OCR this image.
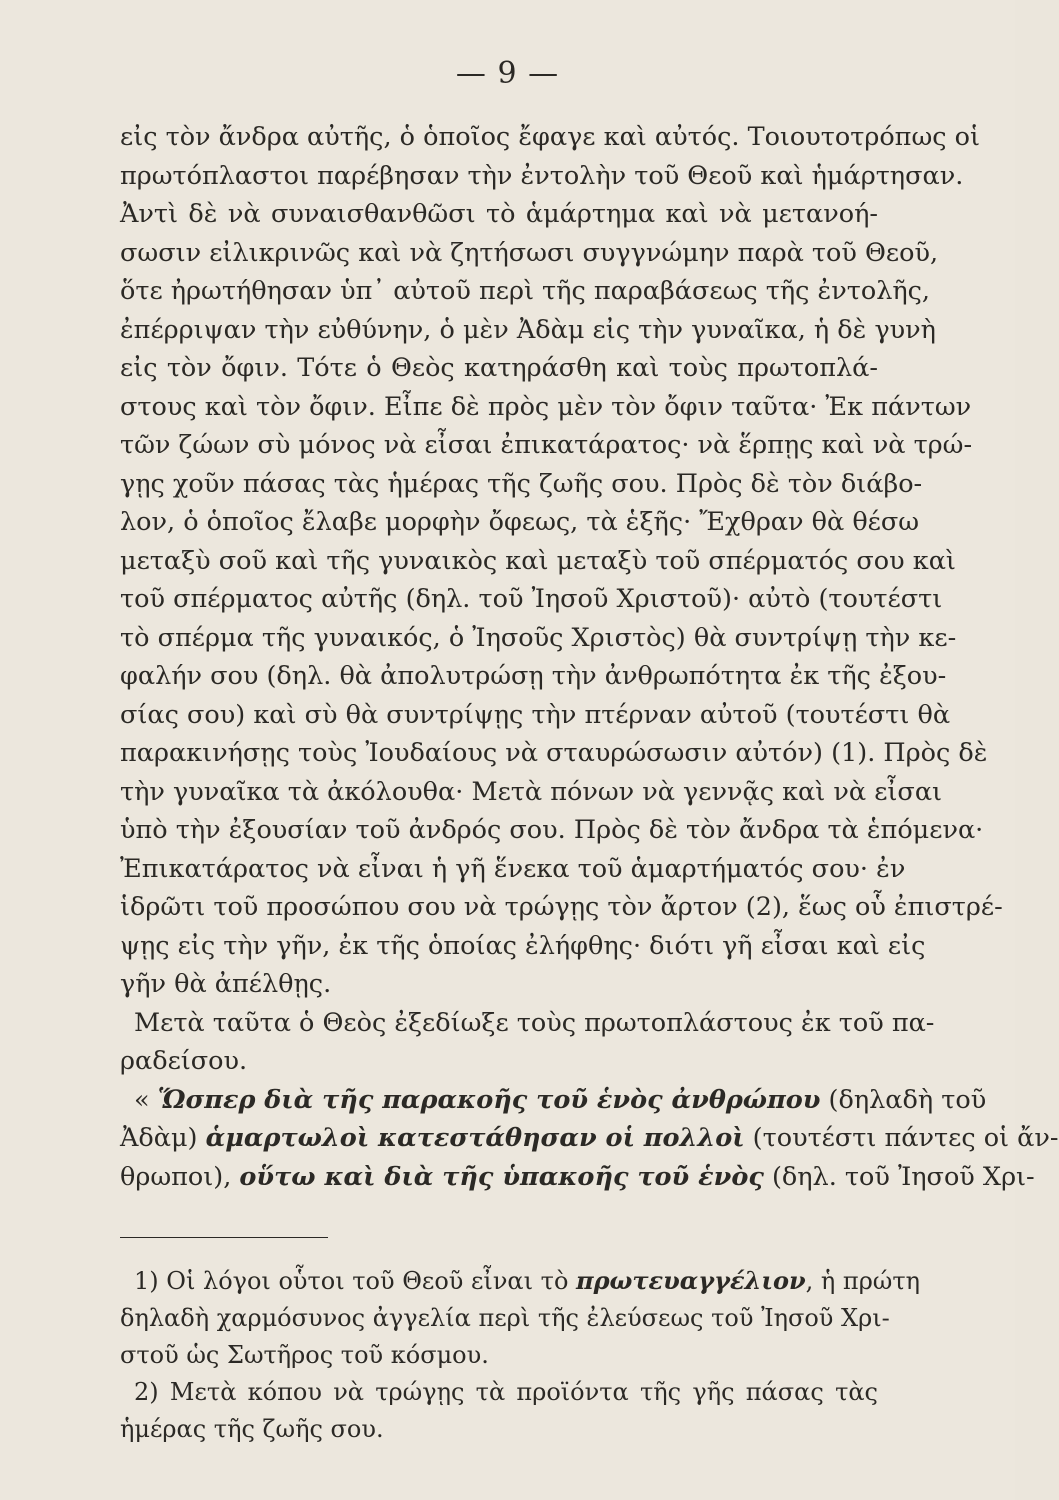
— 9 —
εἰς τὸν ἄνδρα αὐτῆς, ὁ ὁποῖος ἔφαγε καὶ αὐτός. Τοιουτοτρόπως οἱ
πρωτόπλαστοι παρέβησαν τὴν ἐντολὴν τοῦ Θεοῦ καὶ ἡμάρτησαν.
Ἀντὶ δὲ νὰ συναισθανθῶσι τὸ ἁμάρτημα καὶ νὰ μετανοή-
σωσιν εἰλικρινῶς καὶ νὰ ζητήσωσι συγγνώμην παρὰ τοῦ Θεοῦ,
ὅτε ἠρωτήθησαν ὑπ᾽ αὐτοῦ περὶ τῆς παραβάσεως τῆς ἐντολῆς,
ἐπέρριψαν τὴν εὐθύνην, ὁ μὲν Ἀδὰμ εἰς τὴν γυναῖκα, ἡ δὲ γυνὴ
εἰς τὸν ὄφιν. Τότε ὁ Θεὸς κατηράσθη καὶ τοὺς πρωτοπλά-
στους καὶ τὸν ὄφιν. Εἶπε δὲ πρὸς μὲν τὸν ὄφιν ταῦτα· Ἐκ πάντων
τῶν ζώων σὺ μόνος νὰ εἶσαι ἐπικατάρατος· νὰ ἕρπῃς καὶ νὰ τρώ-
γῃς χοῦν πάσας τὰς ἡμέρας τῆς ζωῆς σου. Πρὸς δὲ τὸν διάβο-
λον, ὁ ὁποῖος ἔλαβε μορφὴν ὄφεως, τὰ ἑξῆς· Ἔχθραν θὰ θέσω
μεταξὺ σοῦ καὶ τῆς γυναικὸς καὶ μεταξὺ τοῦ σπέρματός σου καὶ
τοῦ σπέρματος αὐτῆς (δηλ. τοῦ Ἰησοῦ Χριστοῦ)· αὐτὸ (τουτέστι
τὸ σπέρμα τῆς γυναικός, ὁ Ἰησοῦς Χριστὸς) θὰ συντρίψῃ τὴν κε-
φαλήν σου (δηλ. θὰ ἀπολυτρώσῃ τὴν ἀνθρωπότητα ἐκ τῆς ἐξου-
σίας σου) καὶ σὺ θὰ συντρίψῃς τὴν πτέρναν αὐτοῦ (τουτέστι θὰ
παρακινήσῃς τοὺς Ἰουδαίους νὰ σταυρώσωσιν αὐτόν) (1). Πρὸς δὲ
τὴν γυναῖκα τὰ ἀκόλουθα· Μετὰ πόνων νὰ γεννᾷς καὶ νὰ εἶσαι
ὑπὸ τὴν ἐξουσίαν τοῦ ἀνδρός σου. Πρὸς δὲ τὸν ἄνδρα τὰ ἑπόμενα·
Ἐπικατάρατος νὰ εἶναι ἡ γῆ ἕνεκα τοῦ ἁμαρτήματός σου· ἐν
ἱδρῶτι τοῦ προσώπου σου νὰ τρώγῃς τὸν ἄρτον (2), ἕως οὗ ἐπιστρέ-
ψῃς εἰς τὴν γῆν, ἐκ τῆς ὁποίας ἐλήφθης· διότι γῆ εἶσαι καὶ εἰς
γῆν θὰ ἀπέλθῃς.
Μετὰ ταῦτα ὁ Θεὸς ἐξεδίωξε τοὺς πρωτοπλάστους ἐκ τοῦ πα-
ραδείσου.
« Ὥσπερ διὰ τῆς παρακοῆς τοῦ ἑνὸς ἀνθρώπου (δηλαδὴ τοῦ
Ἀδὰμ) ἁμαρτωλοὶ κατεστάθησαν οἱ πολλοὶ (τουτέστι πάντες οἱ ἄν-
θρωποι), οὕτω καὶ διὰ τῆς ὑπακοῆς τοῦ ἑνὸς (δηλ. τοῦ Ἰησοῦ Χρι-
1) Οἱ λόγοι οὗτοι τοῦ Θεοῦ εἶναι τὸ πρωτευαγγέλιον, ἡ πρώτη
δηλαδὴ χαρμόσυνος ἀγγελία περὶ τῆς ἐλεύσεως τοῦ Ἰησοῦ Χρι-
στοῦ ὡς Σωτῆρος τοῦ κόσμου.
2) Μετὰ κόπου νὰ τρώγῃς τὰ προϊόντα τῆς γῆς πάσας τὰς
ἡμέρας τῆς ζωῆς σου.
